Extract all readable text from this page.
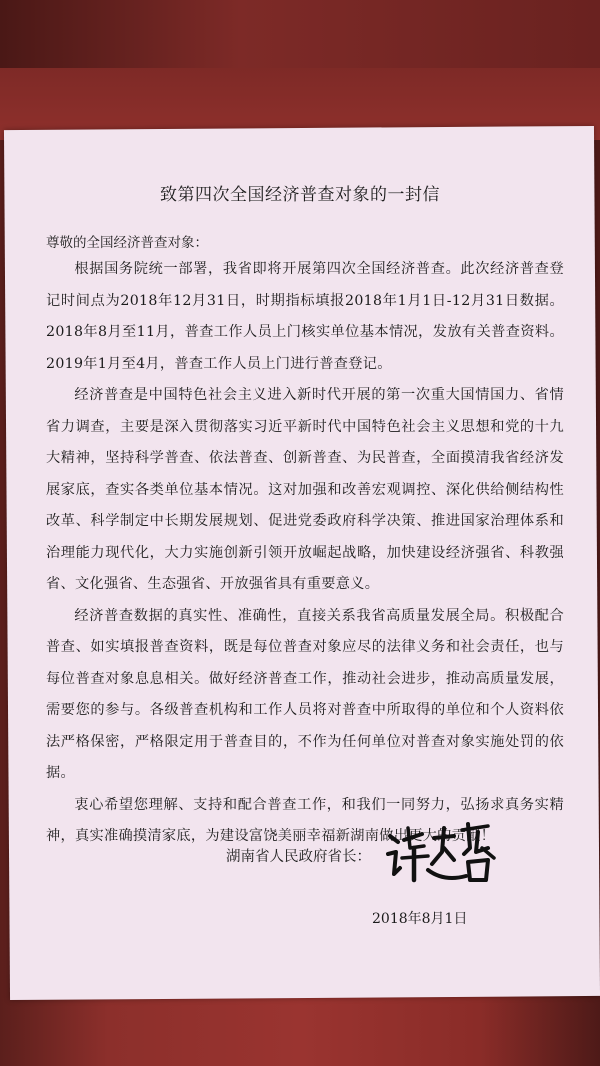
致第四次全国经济普查对象的一封信
尊敬的全国经济普查对象：

根据国务院统一部署，我省即将开展第四次全国经济普查。此次经济普查登记时间点为2018年12月31日，时期指标填报2018年1月1日-12月31日数据。2018年8月至11月，普查工作人员上门核实单位基本情况，发放有关普查资料。2019年1月至4月，普查工作人员上门进行普查登记。

经济普查是中国特色社会主义进入新时代开展的第一次重大国情国力、省情省力调查，主要是深入贯彻落实习近平新时代中国特色社会主义思想和党的十九大精神，坚持科学普查、依法普查、创新普查、为民普查，全面摸清我省经济发展家底，查实各类单位基本情况。这对加强和改善宏观调控、深化供给侧结构性改革、科学制定中长期发展规划、促进党委政府科学决策、推进国家治理体系和治理能力现代化，大力实施创新引领开放崛起战略，加快建设经济强省、科教强省、文化强省、生态强省、开放强省具有重要意义。

经济普查数据的真实性、准确性，直接关系我省高质量发展全局。积极配合普查、如实填报普查资料，既是每位普查对象应尽的法律义务和社会责任，也与每位普查对象息息相关。做好经济普查工作，推动社会进步，推动高质量发展，需要您的参与。各级普查机构和工作人员将对普查中所取得的单位和个人资料依法严格保密，严格限定用于普查目的，不作为任何单位对普查对象实施处罚的依据。

衷心希望您理解、支持和配合普查工作，和我们一同努力，弘扬求真务实精神，真实准确摸清家底，为建设富饶美丽幸福新湖南做出更大的贡献！

湖南省人民政府省长：
2018年8月1日
